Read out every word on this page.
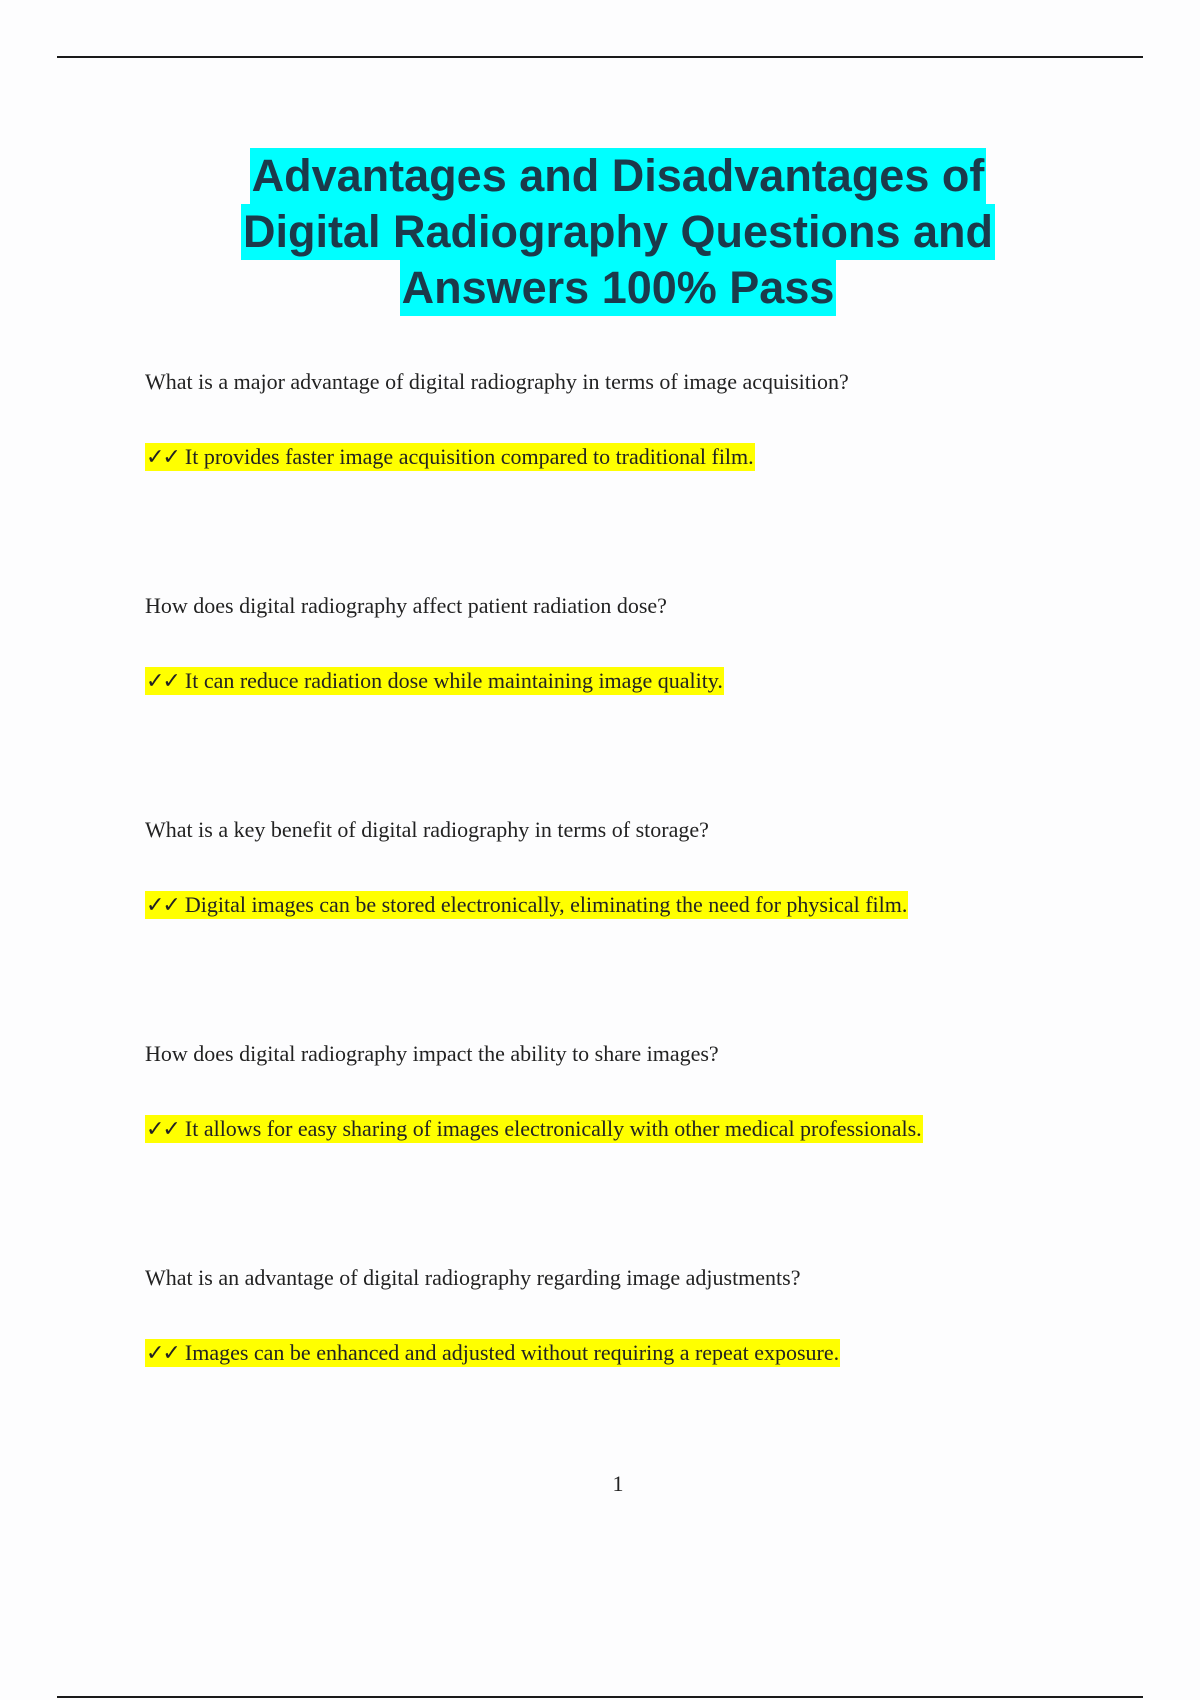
Advantages and Disadvantages of
Digital Radiography Questions and
Answers 100% Pass

What is a major advantage of digital radiography in terms of image acquisition?

✓✓ It provides faster image acquisition compared to traditional film.

How does digital radiography affect patient radiation dose?

✓✓ It can reduce radiation dose while maintaining image quality.

What is a key benefit of digital radiography in terms of storage?

✓✓ Digital images can be stored electronically, eliminating the need for physical film.

How does digital radiography impact the ability to share images?

✓✓ It allows for easy sharing of images electronically with other medical professionals.

What is an advantage of digital radiography regarding image adjustments?

✓✓ Images can be enhanced and adjusted without requiring a repeat exposure.
1
